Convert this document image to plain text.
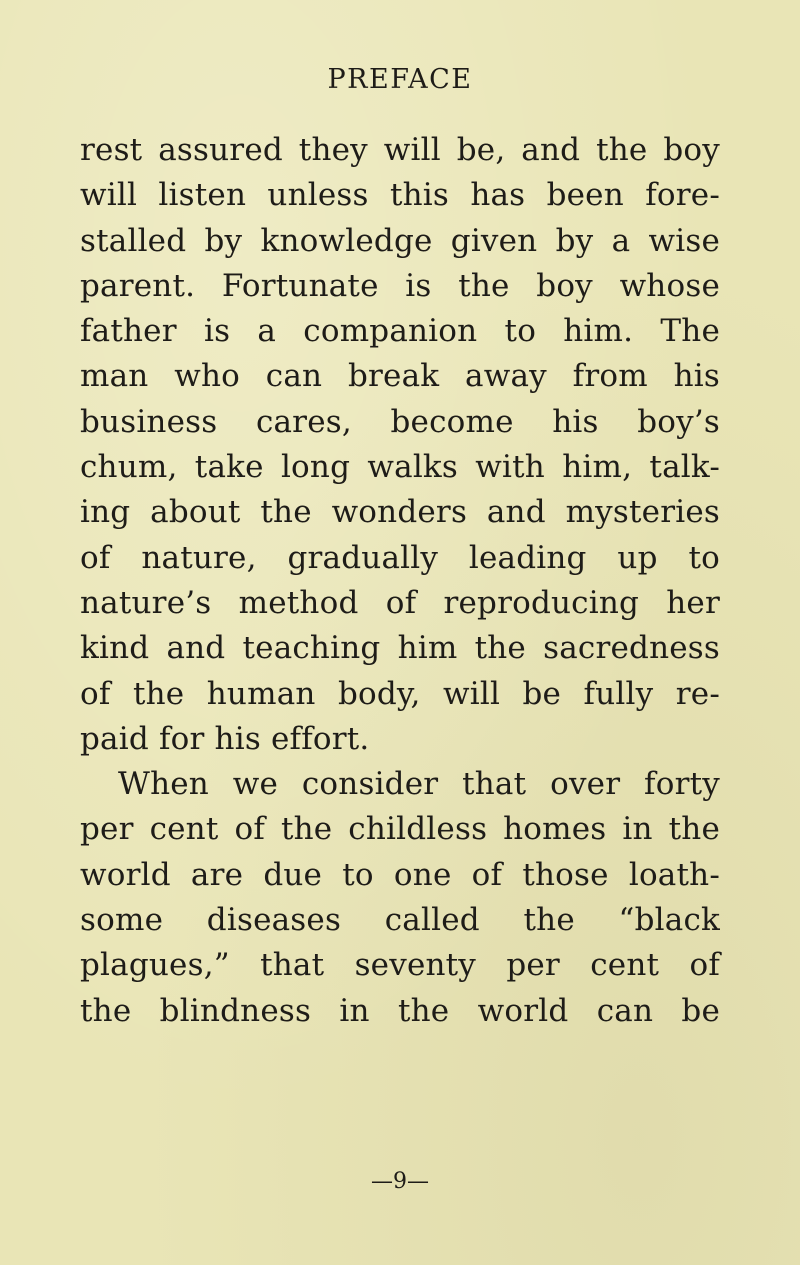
PREFACE
rest assured they will be, and the boy
will listen unless this has been fore-
stalled by knowledge given by a wise
parent. Fortunate is the boy whose
father is a companion to him. The
man who can break away from his
business cares, become his boy’s
chum, take long walks with him, talk-
ing about the wonders and mysteries
of nature, gradually leading up to
nature’s method of reproducing her
kind and teaching him the sacredness
of the human body, will be fully re-
paid for his effort.
When we consider that over forty
per cent of the childless homes in the
world are due to one of those loath-
some diseases called the “black
plagues,” that seventy per cent of
the blindness in the world can be
—9—
